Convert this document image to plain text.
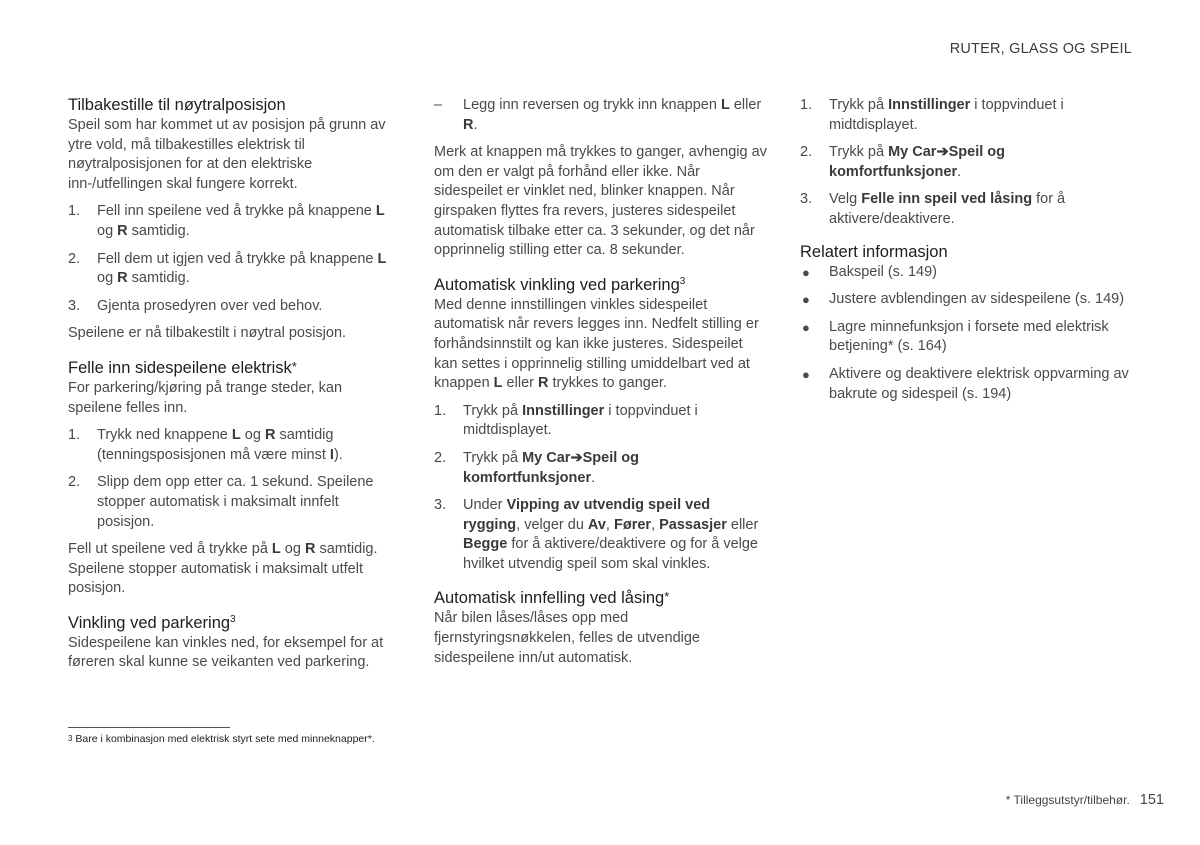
RUTER, GLASS OG SPEIL
Tilbakestille til nøytralposisjon

Speil som har kommet ut av posisjon på grunn av ytre vold, må tilbakestilles elektrisk til nøytralposisjonen for at den elektriske inn-/utfellingen skal fungere korrekt.

1. Fell inn speilene ved å trykke på knappene L og R samtidig.
2. Fell dem ut igjen ved å trykke på knappene L og R samtidig.
3. Gjenta prosedyren over ved behov.

Speilene er nå tilbakestilt i nøytral posisjon.

Felle inn sidespeilene elektrisk*

For parkering/kjøring på trange steder, kan speilene felles inn.

1. Trykk ned knappene L og R samtidig (tenningsposisjonen må være minst I).
2. Slipp dem opp etter ca. 1 sekund. Speilene stopper automatisk i maksimalt innfelt posisjon.

Fell ut speilene ved å trykke på L og R samtidig. Speilene stopper automatisk i maksimalt utfelt posisjon.

Vinkling ved parkering$^3$

Sidespeilene kan vinkles ned, for eksempel for at føreren skal kunne se veikanten ved parkering.

– Legg inn reversen og trykk inn knappen L eller R.

Merk at knappen må trykkes to ganger, avhengig av om den er valgt på forhånd eller ikke. Når sidespeilet er vinklet ned, blinker knappen. Når girspaken flyttes fra revers, justeres sidespeilet automatisk tilbake etter ca. 3 sekunder, og det når opprinnelig stilling etter ca. 8 sekunder.

Automatisk vinkling ved parkering$^3$

Med denne innstillingen vinkles sidespeilet automatisk når revers legges inn. Nedfelt stilling er forhåndsinnstilt og kan ikke justeres. Sidespeilet kan settes i opprinnelig stilling umiddelbart ved at knappen L eller R trykkes to ganger.

1. Trykk på Innstillinger i toppvinduet i midtdisplayet.
2. Trykk på My Car➔Speil og komfortfunksjoner.
3. Under Vipping av utvendig speil ved rygging, velger du Av, Fører, Passasjer eller Begge for å aktivere/deaktivere og for å velge hvilket utvendig speil som skal vinkles.
Automatisk innfelling ved låsing*

Når bilen låses/låses opp med fjernstyringsnøkkelen, felles de utvendige sidespeilene inn/ut automatisk.

1. Trykk på Innstillinger i toppvinduet i midtdisplayet.
2. Trykk på My Car➔Speil og komfortfunksjoner.
3. Velg Felle inn speil ved låsing for å aktivere/deaktivere.
Relatert informasjon
● Bakspeil (s. 149)
● Justere avblendingen av sidespeilene (s. 149)
● Lagre minnefunksjon i forsete med elektrisk betjening* (s. 164)
● Aktivere og deaktivere elektrisk oppvarming av bakrute og sidespeil (s. 194)
$^3$ Bare i kombinasjon med elektrisk styrt sete med minneknapper*.
* Tilleggsutstyr/tilbehør. 151
